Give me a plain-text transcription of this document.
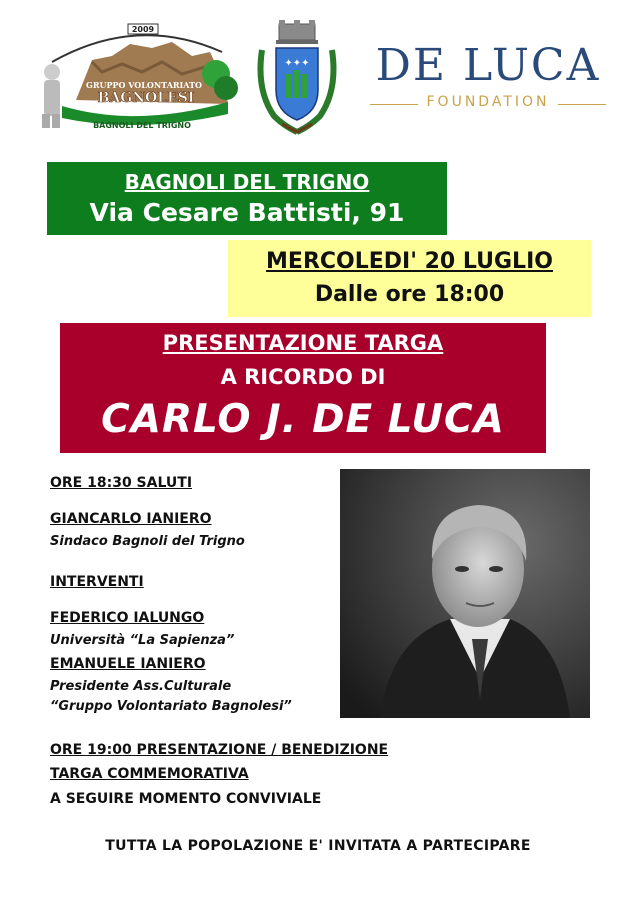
2009
GRUPPO VOLONTARIATO
BAGNOLESI
"L'opera umana più bella è di essere utile al prossimo" Sofocle
BAGNOLI DEL TRIGNO
✦✦✦ DE LUCA
FOUNDATION
BAGNOLI DEL TRIGNO
Via Cesare Battisti, 91
MERCOLEDI' 20 LUGLIO
Dalle ore 18:00
PRESENTAZIONE TARGA
A RICORDO DI
CARLO J. DE LUCA
ORE 18:30 SALUTI
GIANCARLO IANIERO
Sindaco Bagnoli del Trigno
INTERVENTI
FEDERICO IALUNGO
Università “La Sapienza”
EMANUELE IANIERO
Presidente Ass.Culturale
“Gruppo Volontariato Bagnolesi”
ORE 19:00 PRESENTAZIONE / BENEDIZIONE
TARGA COMMEMORATIVA
A SEGUIRE MOMENTO CONVIVIALE
TUTTA LA POPOLAZIONE E' INVITATA A PARTECIPARE
